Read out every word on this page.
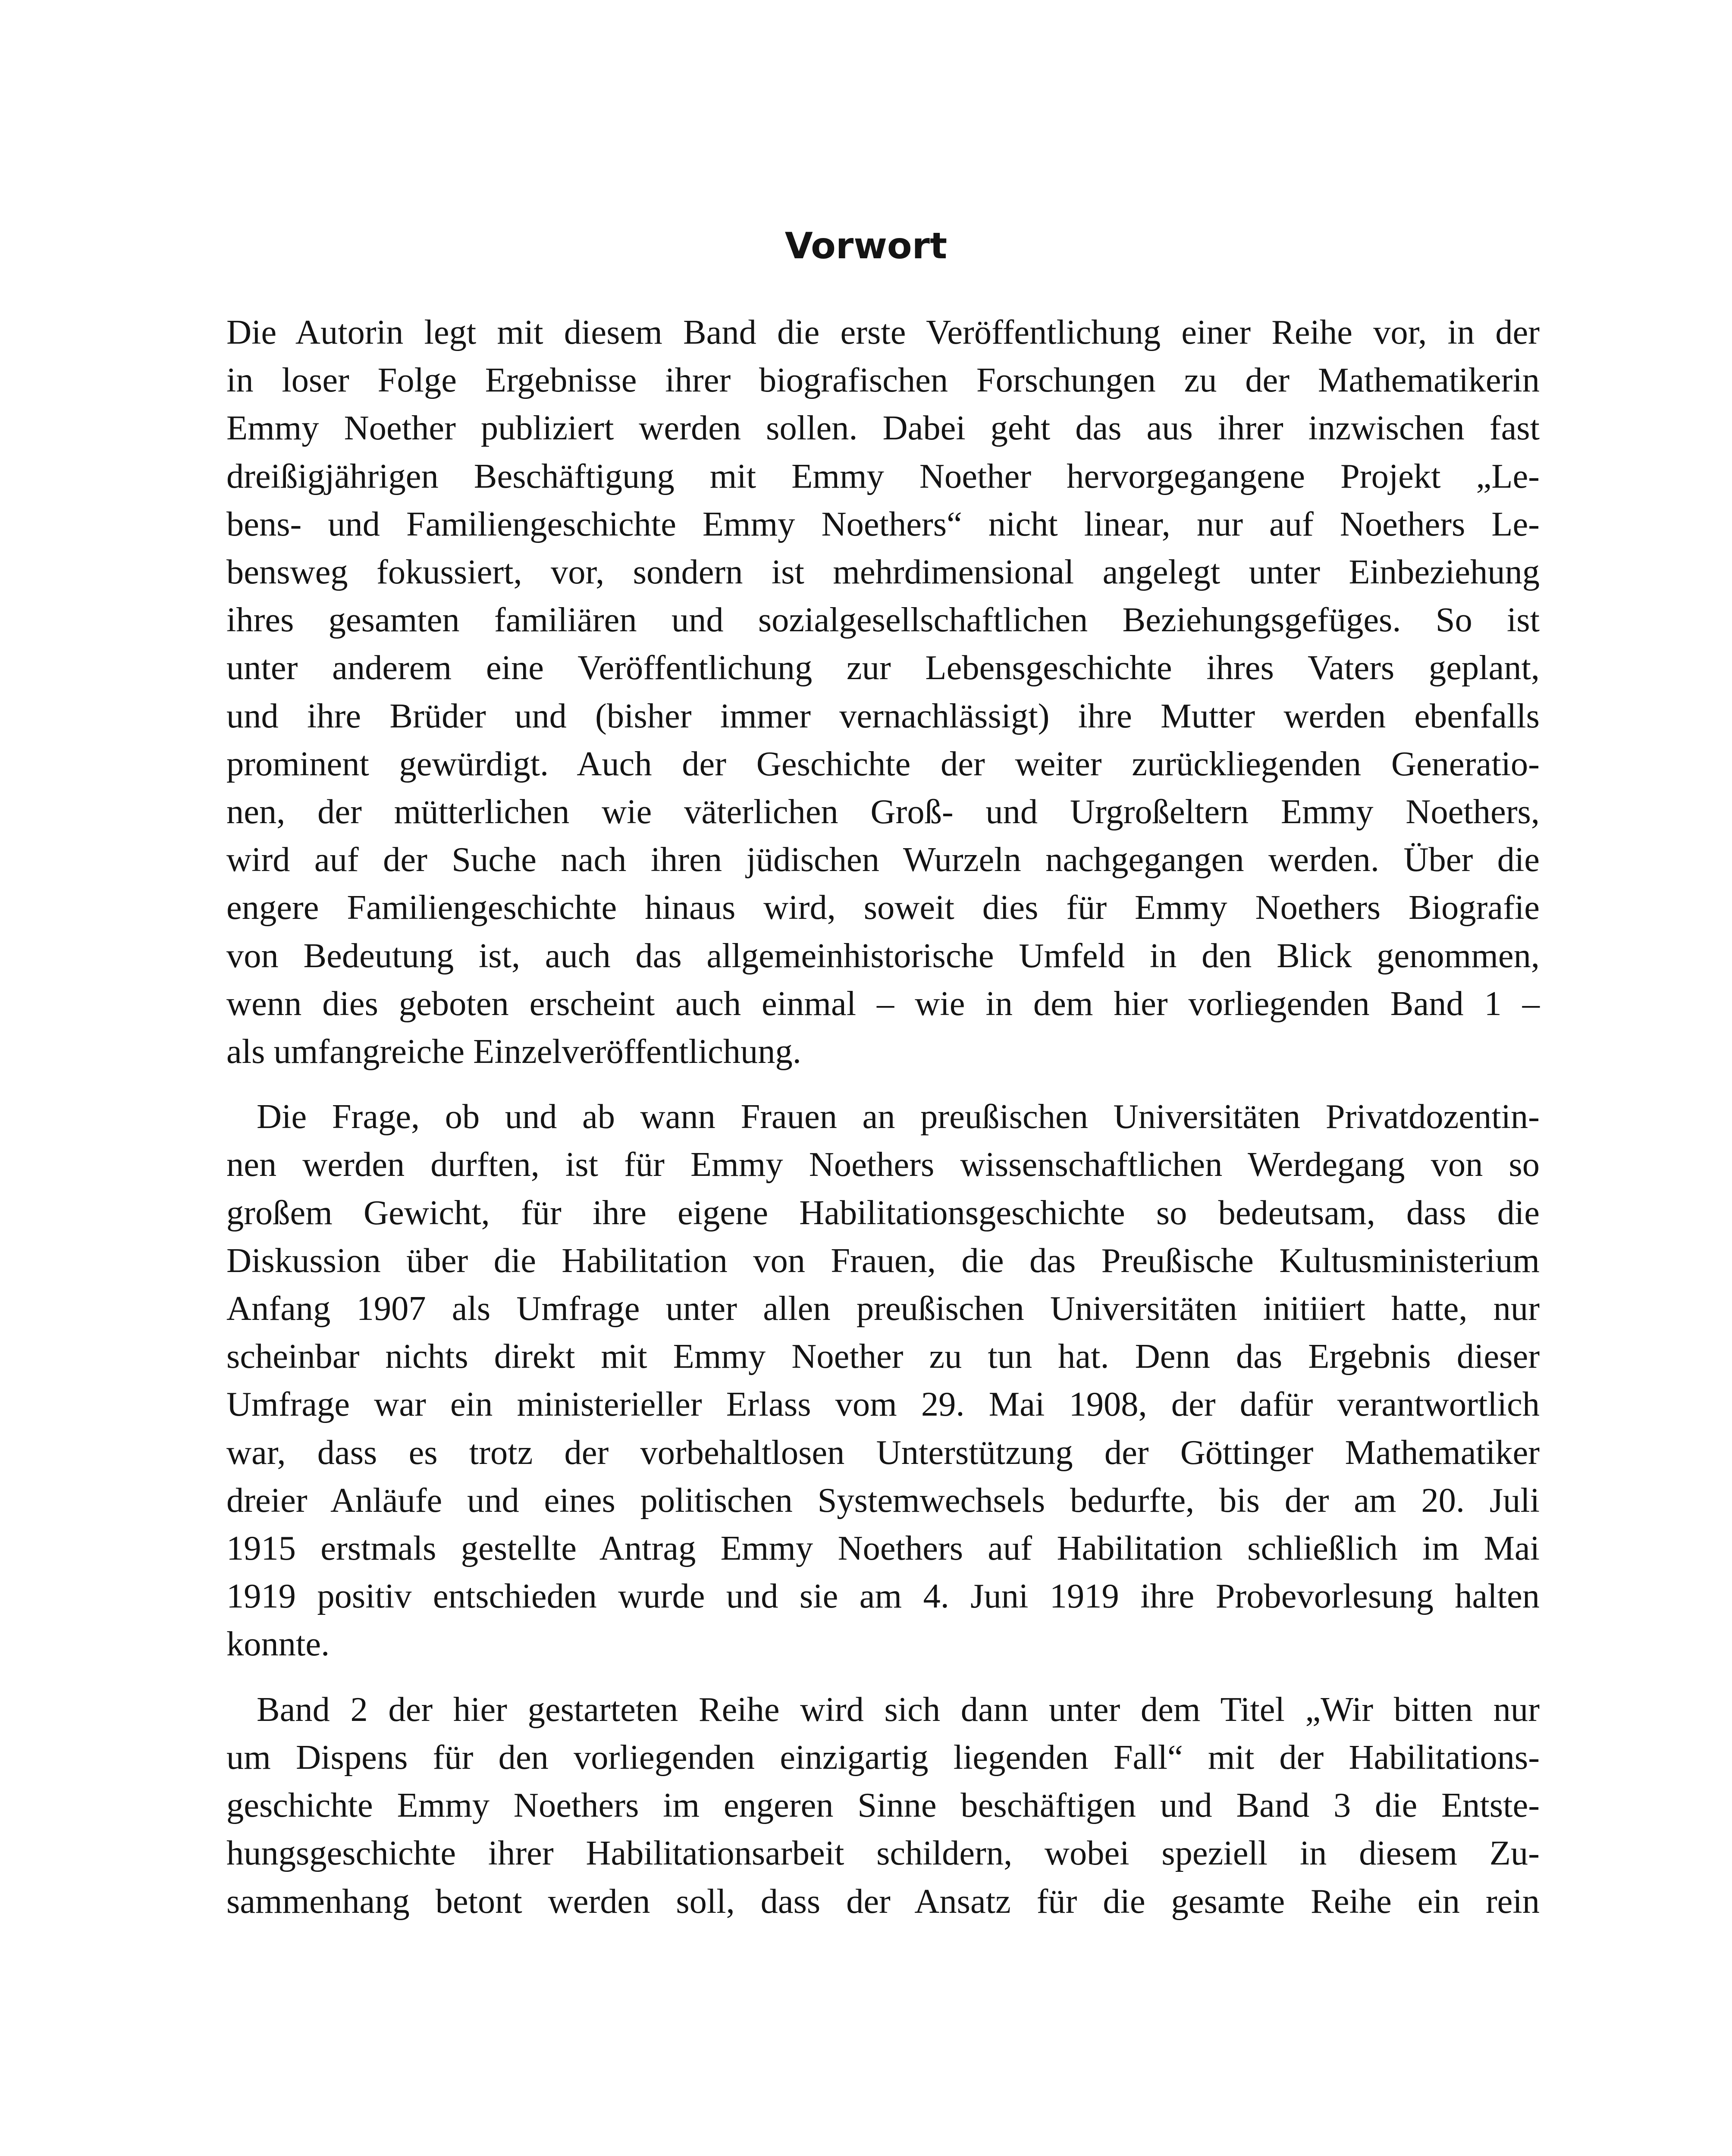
Vorwort

Die Autorin legt mit diesem Band die erste Veröffentlichung einer Reihe vor, in der
in loser Folge Ergebnisse ihrer biografischen Forschungen zu der Mathematikerin
Emmy Noether publiziert werden sollen. Dabei geht das aus ihrer inzwischen fast
dreißigjährigen Beschäftigung mit Emmy Noether hervorgegangene Projekt „Le-
bens- und Familiengeschichte Emmy Noethers“ nicht linear, nur auf Noethers Le-
bensweg fokussiert, vor, sondern ist mehrdimensional angelegt unter Einbeziehung
ihres gesamten familiären und sozialgesellschaftlichen Beziehungsgefüges. So ist
unter anderem eine Veröffentlichung zur Lebensgeschichte ihres Vaters geplant,
und ihre Brüder und (bisher immer vernachlässigt) ihre Mutter werden ebenfalls
prominent gewürdigt. Auch der Geschichte der weiter zurückliegenden Generatio-
nen, der mütterlichen wie väterlichen Groß- und Urgroßeltern Emmy Noethers,
wird auf der Suche nach ihren jüdischen Wurzeln nachgegangen werden. Über die
engere Familiengeschichte hinaus wird, soweit dies für Emmy Noethers Biografie
von Bedeutung ist, auch das allgemeinhistorische Umfeld in den Blick genommen,
wenn dies geboten erscheint auch einmal – wie in dem hier vorliegenden Band 1 –
als umfangreiche Einzelveröffentlichung.

Die Frage, ob und ab wann Frauen an preußischen Universitäten Privatdozentin-
nen werden durften, ist für Emmy Noethers wissenschaftlichen Werdegang von so
großem Gewicht, für ihre eigene Habilitationsgeschichte so bedeutsam, dass die
Diskussion über die Habilitation von Frauen, die das Preußische Kultusministerium
Anfang 1907 als Umfrage unter allen preußischen Universitäten initiiert hatte, nur
scheinbar nichts direkt mit Emmy Noether zu tun hat. Denn das Ergebnis dieser
Umfrage war ein ministerieller Erlass vom 29. Mai 1908, der dafür verantwortlich
war, dass es trotz der vorbehaltlosen Unterstützung der Göttinger Mathematiker
dreier Anläufe und eines politischen Systemwechsels bedurfte, bis der am 20. Juli
1915 erstmals gestellte Antrag Emmy Noethers auf Habilitation schließlich im Mai
1919 positiv entschieden wurde und sie am 4. Juni 1919 ihre Probevorlesung halten
konnte.

Band 2 der hier gestarteten Reihe wird sich dann unter dem Titel „Wir bitten nur
um Dispens für den vorliegenden einzigartig liegenden Fall“ mit der Habilitations-
geschichte Emmy Noethers im engeren Sinne beschäftigen und Band 3 die Entste-
hungsgeschichte ihrer Habilitationsarbeit schildern, wobei speziell in diesem Zu-
sammenhang betont werden soll, dass der Ansatz für die gesamte Reihe ein rein
